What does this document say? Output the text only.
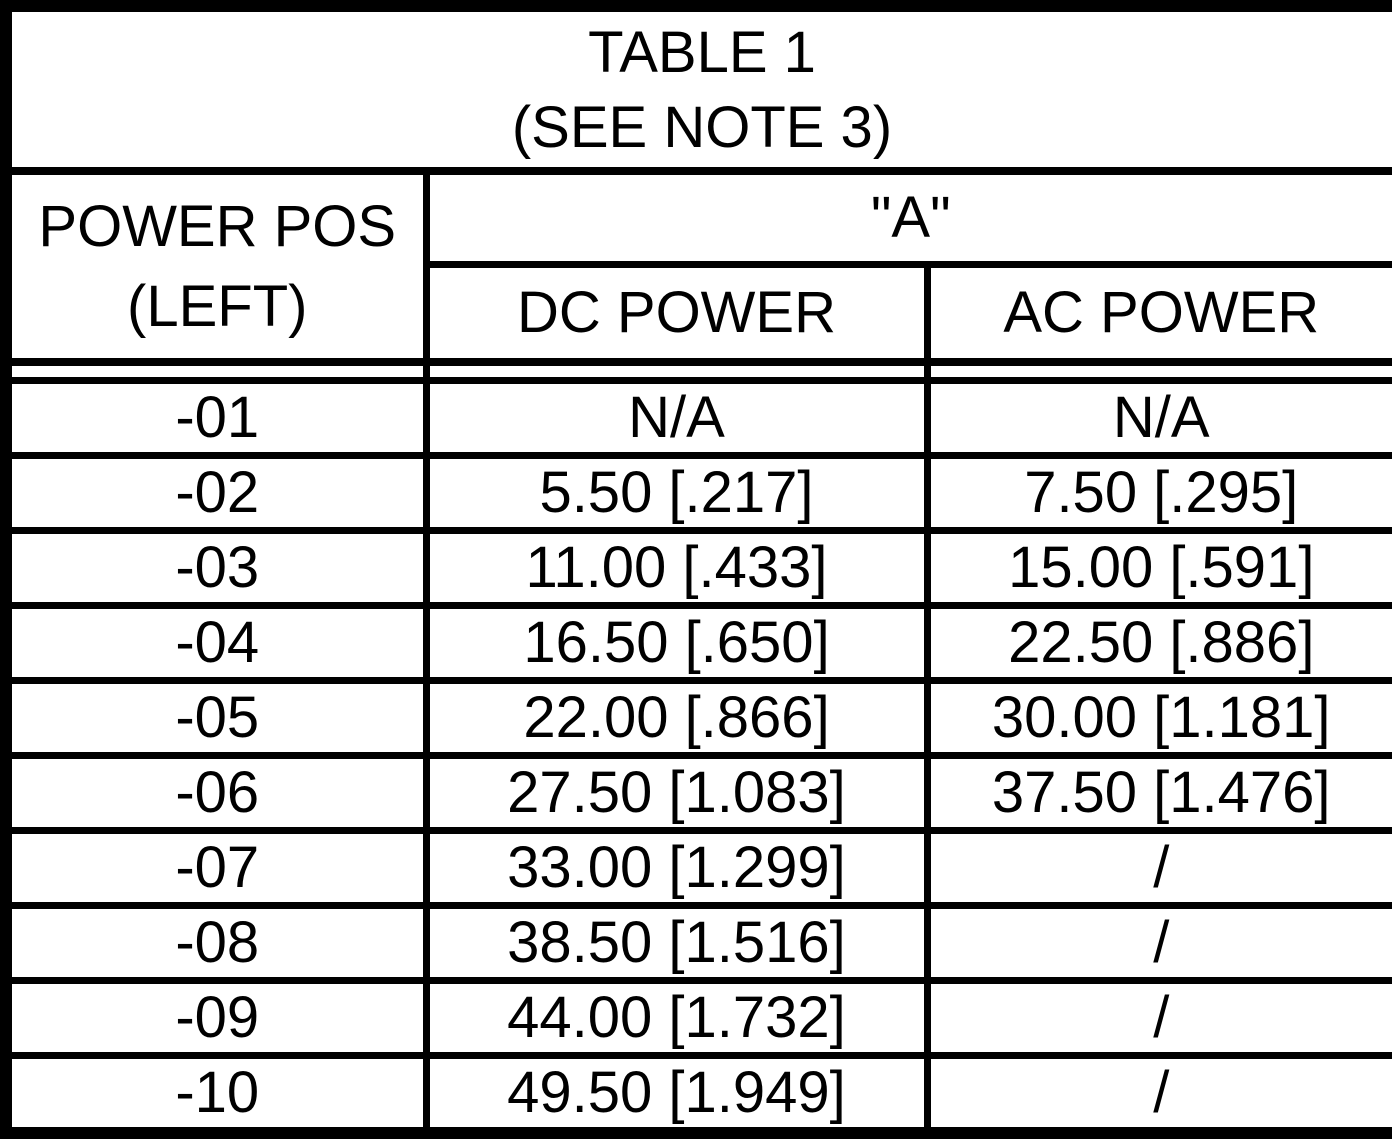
TABLE 1
(SEE NOTE 3)		

POWER POS
(LEFT)	"A"	
	DC POWER	AC POWER

-01	N/A	N/A
-02	5.50 [.217]	7.50 [.295]
-03	11.00 [.433]	15.00 [.591]
-04	16.50 [.650]	22.50 [.886]
-05	22.00 [.866]	30.00 [1.181]
-06	27.50 [1.083]	37.50 [1.476]
-07	33.00 [1.299]	/
-08	38.50 [1.516]	/
-09	44.00 [1.732]	/
-10	49.50 [1.949]	/
